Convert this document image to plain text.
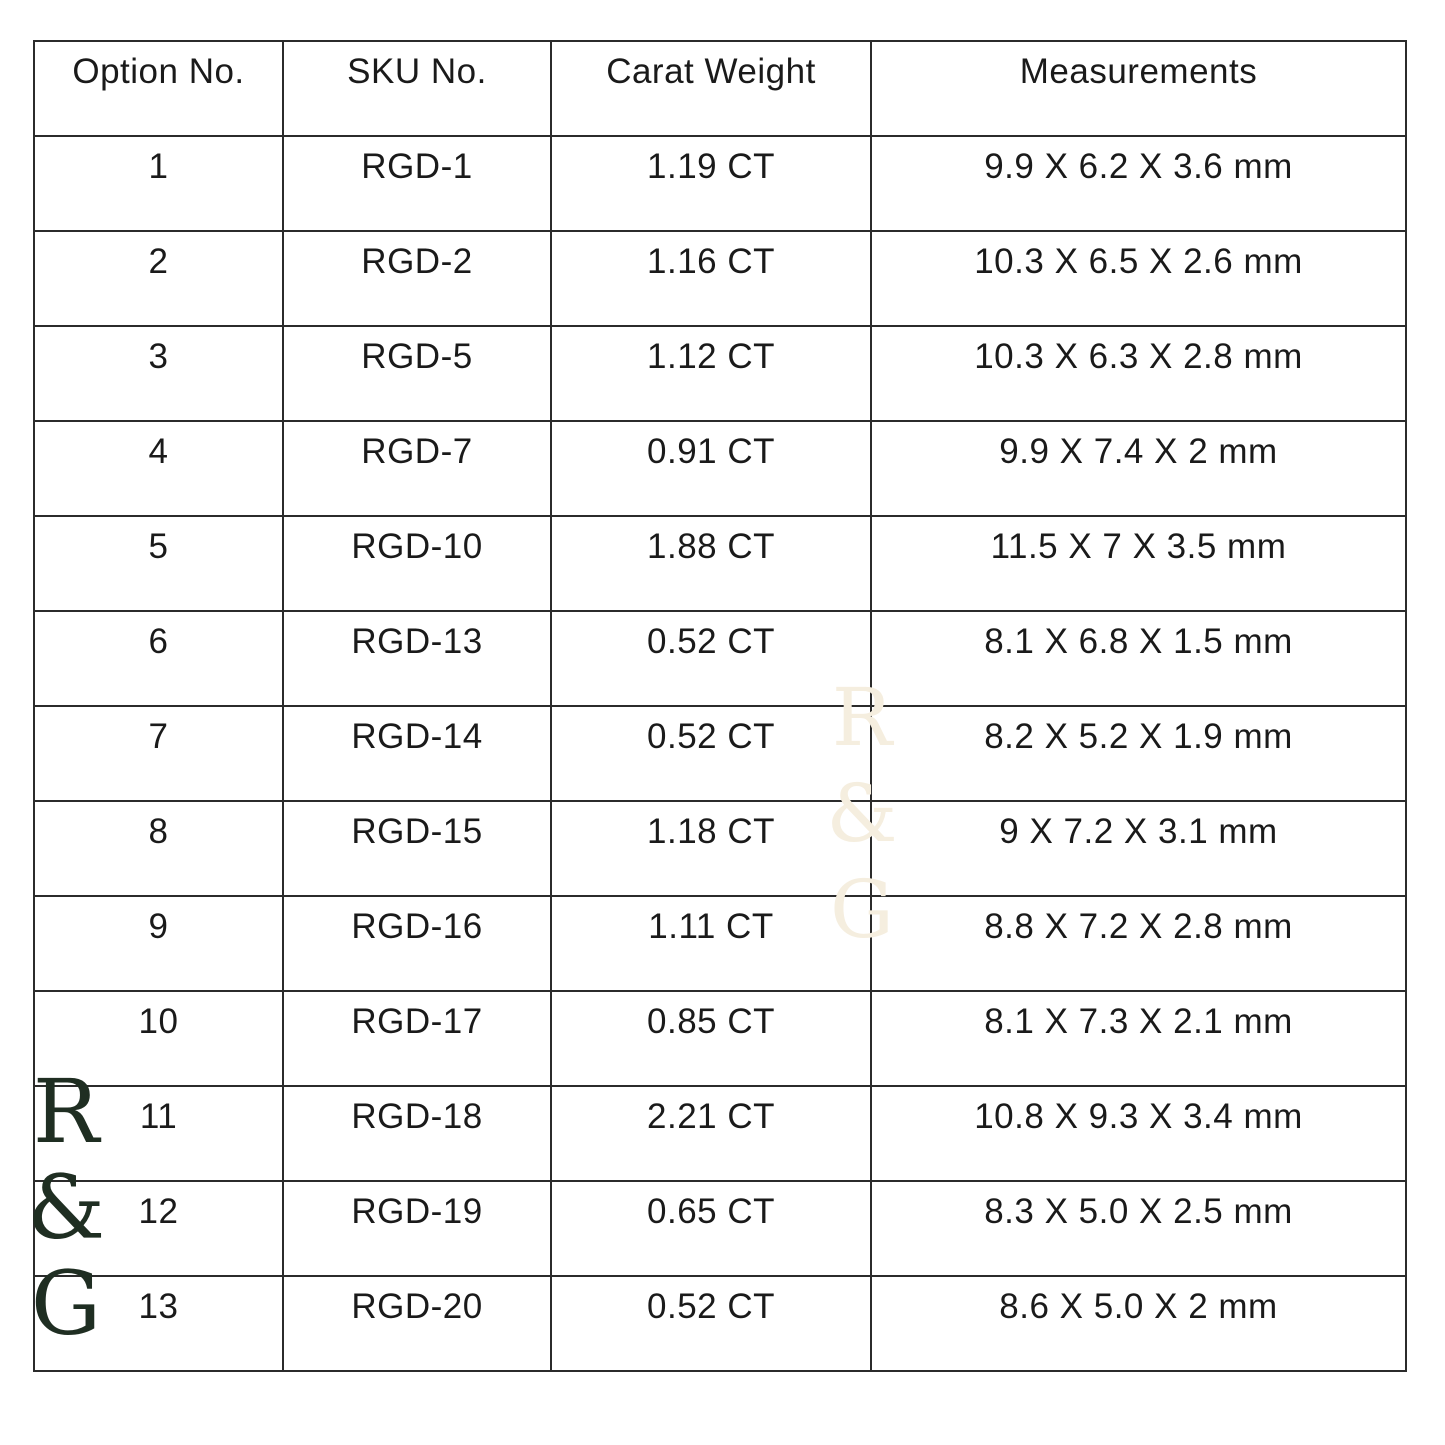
Option No.	SKU No.	Carat Weight	Measurements

1	RGD-1	1.19 CT	9.9 X 6.2 X 3.6 mm

2	RGD-2	1.16 CT	10.3 X 6.5 X 2.6 mm

3	RGD-5	1.12 CT	10.3 X 6.3 X 2.8 mm

4	RGD-7	0.91 CT	9.9 X 7.4 X 2 mm

5	RGD-10	1.88 CT	11.5 X 7 X 3.5 mm

6	RGD-13	0.52 CT	8.1 X 6.8 X 1.5 mm

7	RGD-14	0.52 CT	8.2 X 5.2 X 1.9 mm

8	RGD-15	1.18 CT	9 X 7.2 X 3.1 mm

9	RGD-16	1.11 CT	8.8 X 7.2 X 2.8 mm

10	RGD-17	0.85 CT	8.1 X 7.3 X 2.1 mm

11	RGD-18	2.21 CT	10.8 X 9.3 X 3.4 mm

12	RGD-19	0.65 CT	8.3 X 5.0 X 2.5 mm

13	RGD-20	0.52 CT	8.6 X 5.0 X 2 mm
R
&
G
R
&
G
